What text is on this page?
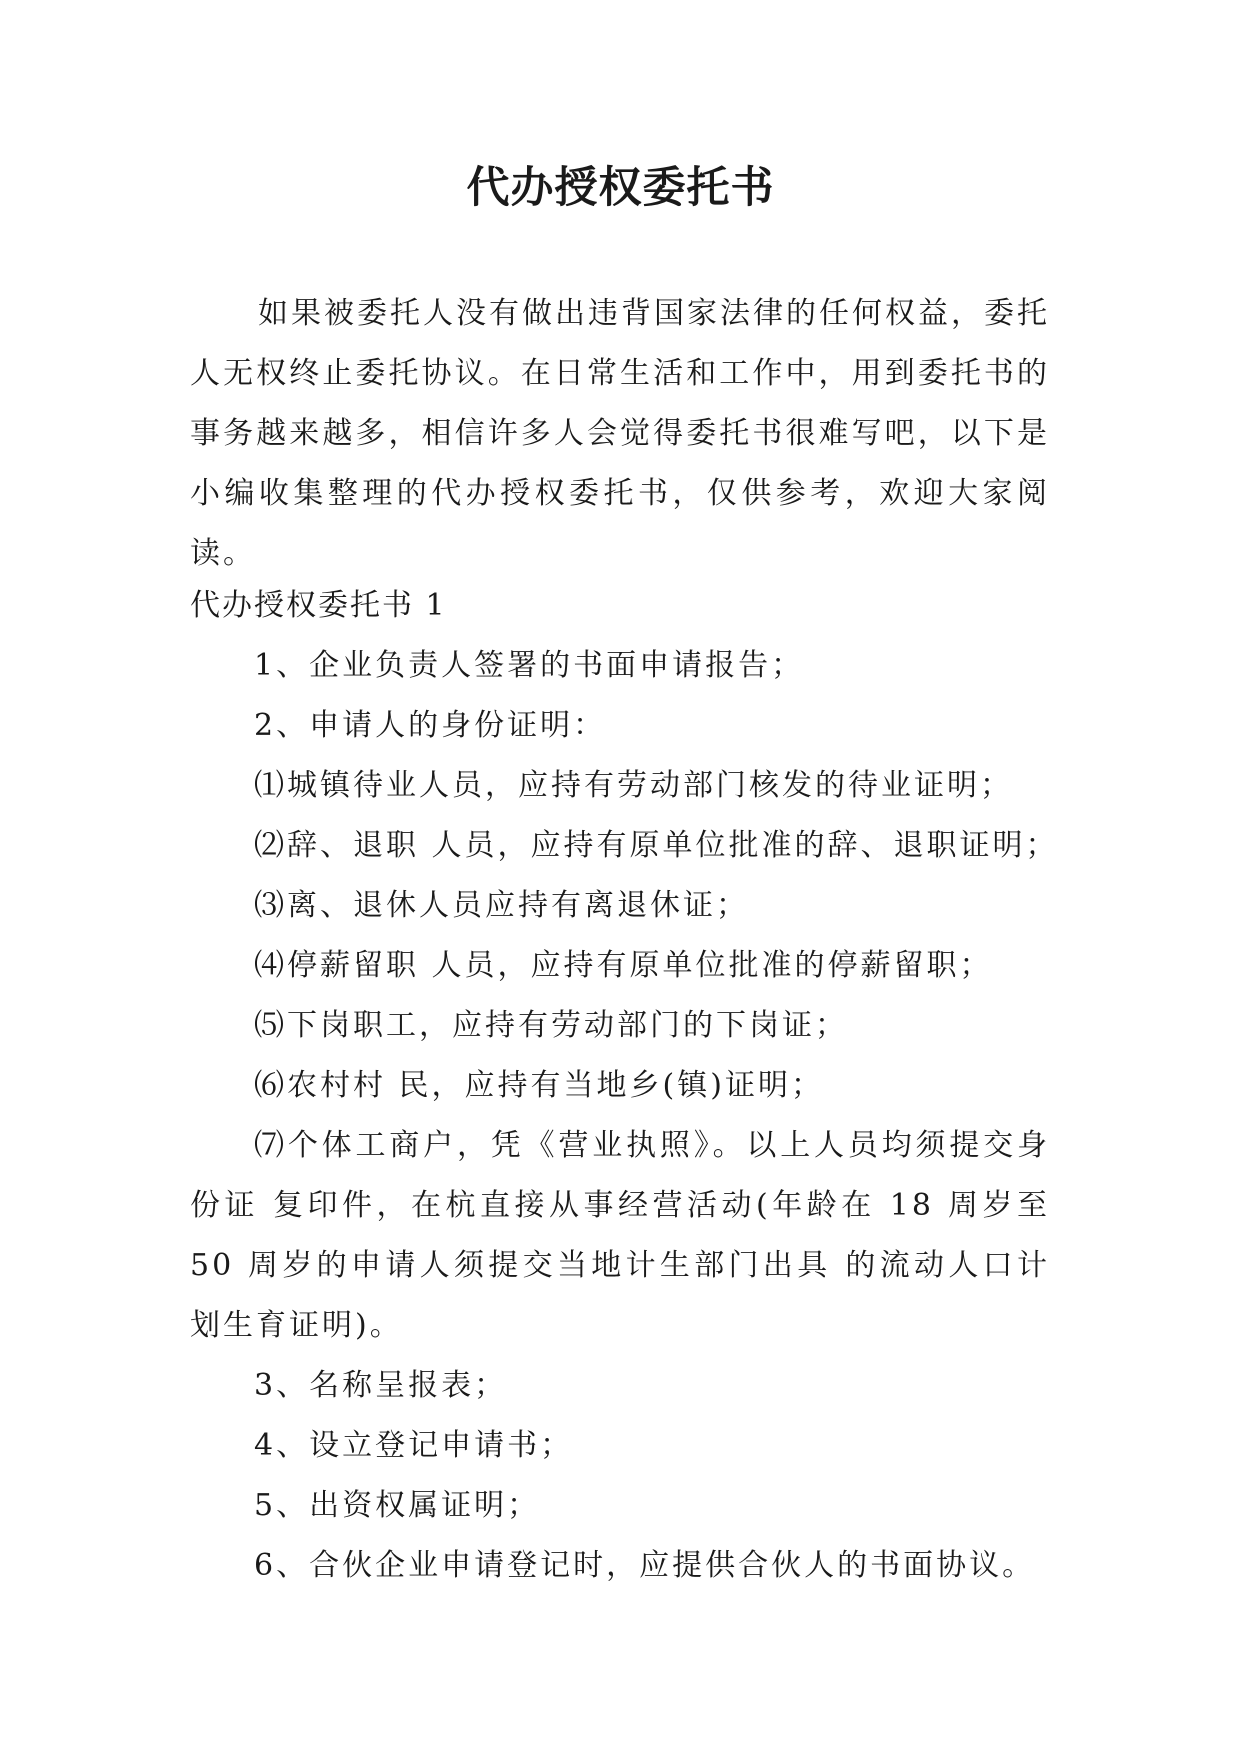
代办授权委托书
如果被委托人没有做出违背国家法律的任何权益，委托人无权终止委托协议。在日常生活和工作中，用到委托书的事务越来越多，相信许多人会觉得委托书很难写吧，以下是小编收集整理的代办授权委托书，仅供参考，欢迎大家阅读。
代办授权委托书 1
1、企业负责人签署的书面申请报告；
2、申请人的身份证明：
⑴城镇待业人员，应持有劳动部门核发的待业证明；
⑵辞、退职 人员，应持有原单位批准的辞、退职证明；
⑶离、退休人员应持有离退休证；
⑷停薪留职 人员，应持有原单位批准的停薪留职；
⑸下岗职工，应持有劳动部门的下岗证；
⑹农村村 民，应持有当地乡(镇)证明；
⑺个体工商户，凭《营业执照》。以上人员均须提交身份证 复印件，在杭直接从事经营活动(年龄在 18 周岁至 50 周岁的申请人须提交当地计生部门出具 的流动人口计划生育证明)。
3、名称呈报表；
4、设立登记申请书；
5、出资权属证明；
6、合伙企业申请登记时，应提供合伙人的书面协议。
